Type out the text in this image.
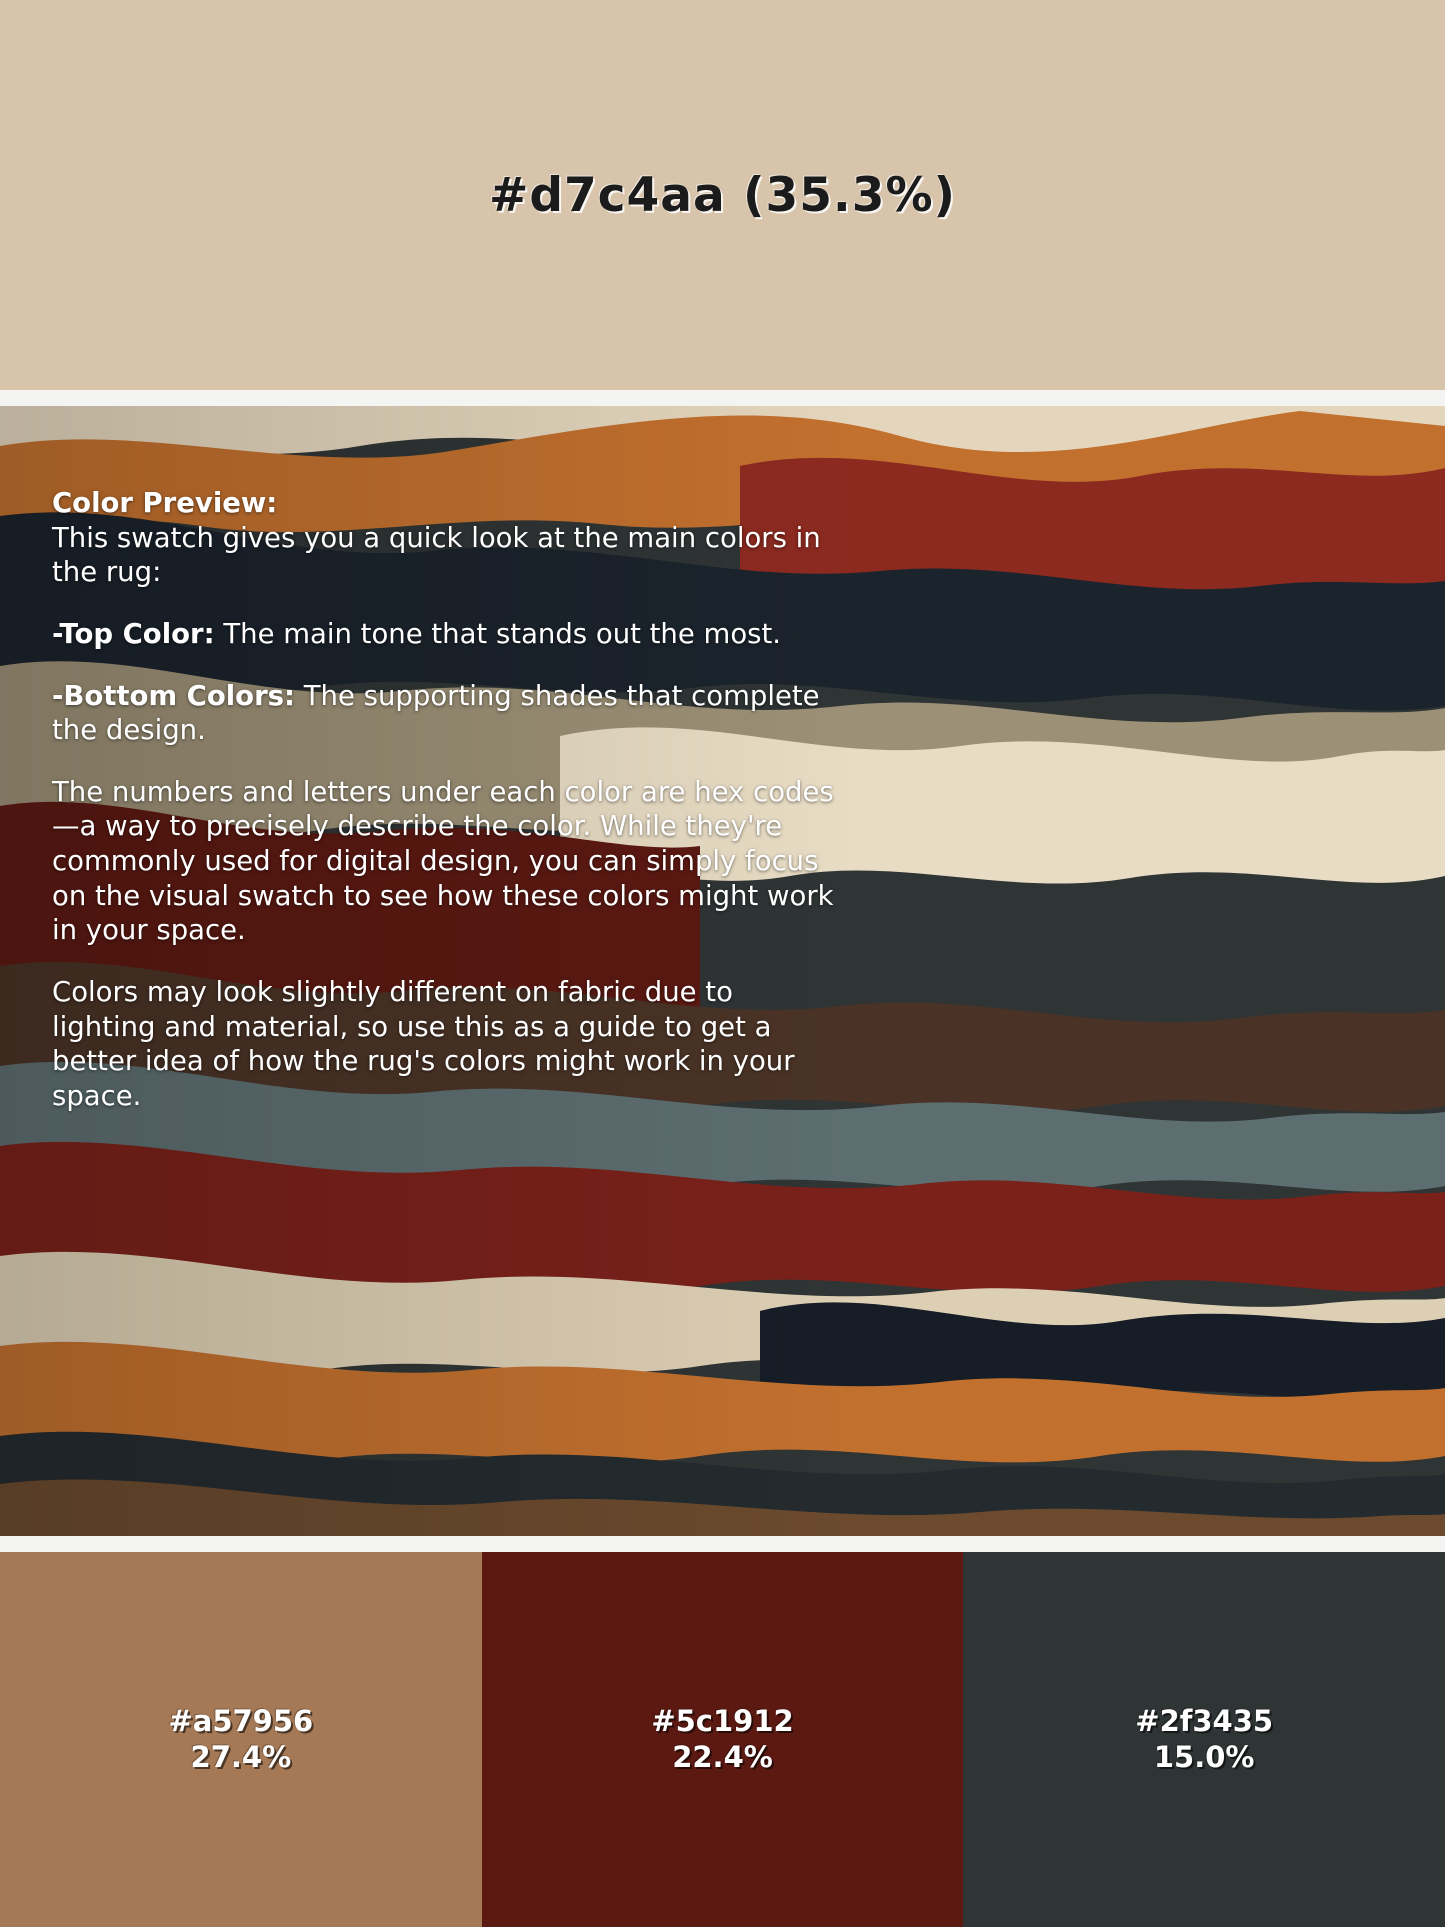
#d7c4aa (35.3%)

Color Preview:
This swatch gives you a quick look at the main colors in the rug:

-Top Color: The main tone that stands out the most.

-Bottom Colors: The supporting shades that complete the design.

The numbers and letters under each color are hex codes—a way to precisely describe the color. While they're commonly used for digital design, you can simply focus on the visual swatch to see how these colors might work in your space.

Colors may look slightly different on fabric due to lighting and material, so use this as a guide to get a better idea of how the rug's colors might work in your space.

#a57956
27.4%
#5c1912
22.4%
#2f3435
15.0%
